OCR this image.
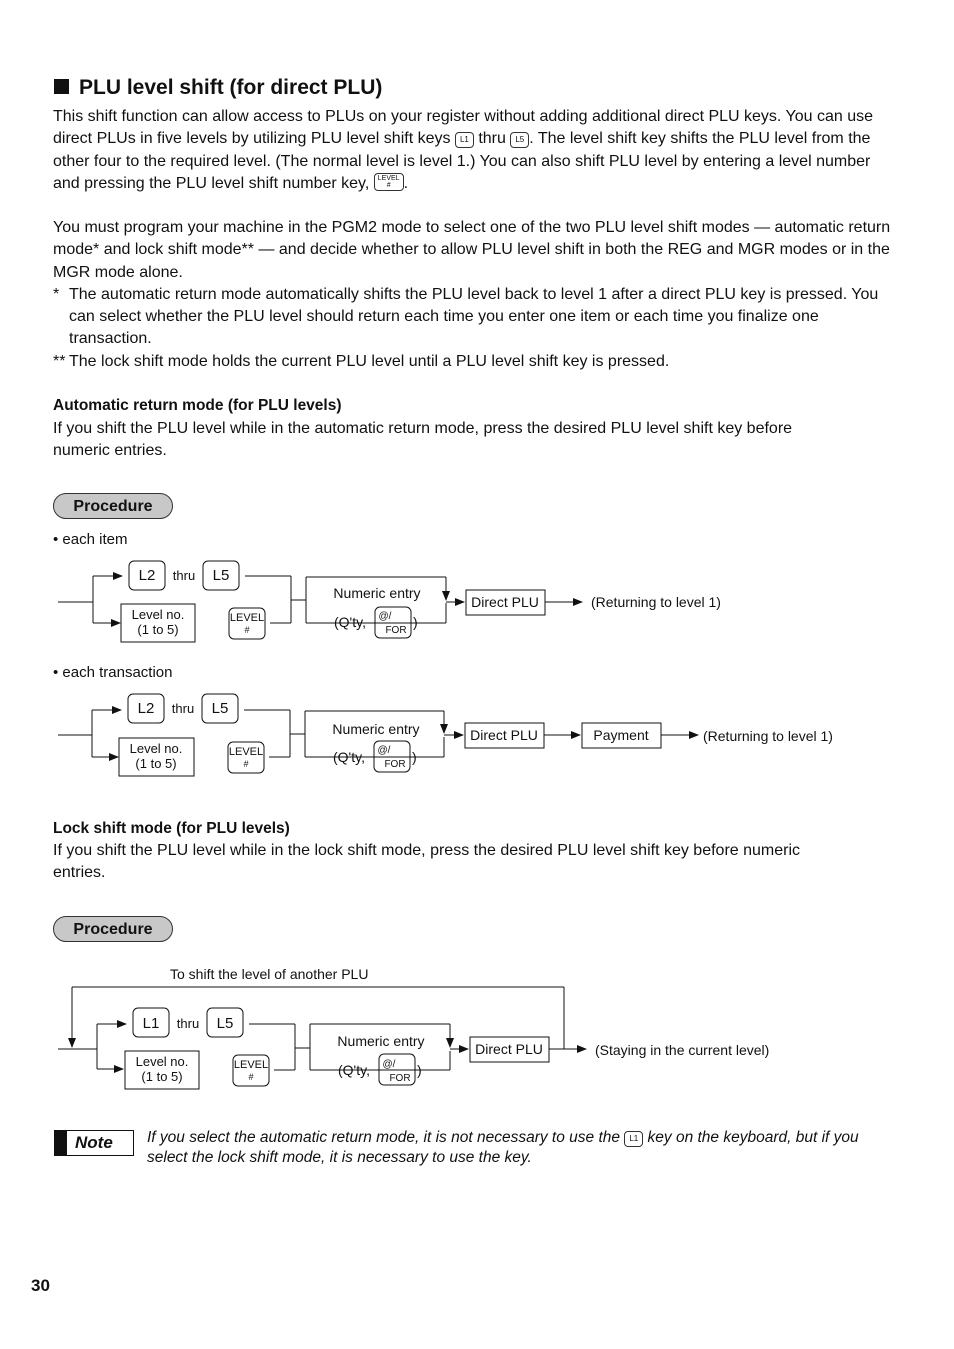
PLU level shift (for direct PLU)

This shift function can allow access to PLUs on your register without adding additional direct PLU keys. You can use direct PLUs in five levels by utilizing PLU level shift keys L1 thru L5 . The level shift key shifts the PLU level from the other four to the required level. (The normal level is level 1.) You can also shift PLU level by entering a level number and pressing the PLU level shift number key, LEVEL
# .

You must program your machine in the PGM2 mode to select one of the two PLU level shift modes — automatic return mode* and lock shift mode** — and decide whether to allow PLU level shift in both the REG and MGR modes or in the MGR mode alone.

* The automatic return mode automatically shifts the PLU level back to level 1 after a direct PLU key is pressed. You can select whether the PLU level should return each time you enter one item or each time you finalize one transaction.
** The lock shift mode holds the current PLU level until a PLU level shift key is pressed.
Automatic return mode (for PLU levels)
If you shift the PLU level while in the automatic return mode, press the desired PLU level shift key before numeric entries.
Procedure
• each item
L2 thru L5
Level no.
(1 to 5)
LEVEL
#
Numeric entry
(Q'ty, @/
FOR
)
Direct PLU	(Returning to level 1)
• each transaction
L2 thru L5
Level no.
(1 to 5)
LEVEL
#
Numeric entry
(Q'ty, @/
FOR )
Direct PLU	Payment	(Returning to level 1)
Lock shift mode (for PLU levels)
If you shift the PLU level while in the lock shift mode, press the desired PLU level shift key before numeric entries.
Procedure
To shift the level of another PLU
L1 thru L5
Level no.
(1 to 5)
LEVEL
#
Numeric entry
(Q'ty, @/
FOR
)
Direct PLU	(Staying in the current level)
Note If you select the automatic return mode, it is not necessary to use the L1 key on the keyboard, but if you select the lock shift mode, it is necessary to use the key.
30
